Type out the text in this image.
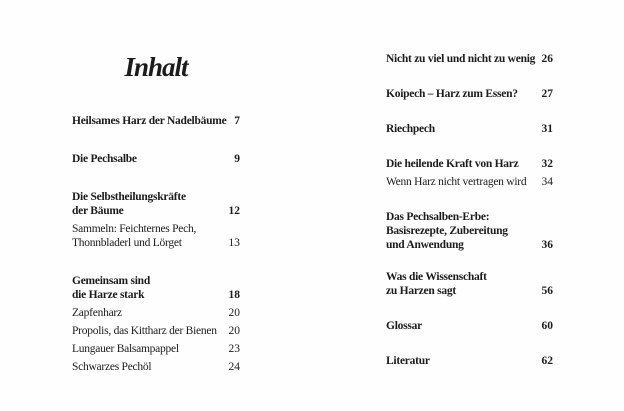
Inhalt
Heilsames Harz der Nadelbäume 7
Die Pechsalbe	9
Die Selbstheilungskräfte
der Bäume	12
Sammeln: Feichternes Pech,
Thonnbladerl und Lörget	13
Gemeinsam sind
die Harze stark	18
Zapfenharz	20
Propolis, das Kittharz der Bienen 20
Lungauer Balsampappel	23
Schwarzes Pechöl	24
Nicht zu viel und nicht zu wenig 26
Koipech – Harz zum Essen?	27
Riechpech	31
Die heilende Kraft von Harz	32
Wenn Harz nicht vertragen wird 34
Das Pechsalben-Erbe:
Basisrezepte, Zubereitung
und Anwendung	36
Was die Wissenschaft
zu Harzen sagt	56
Glossar	60
Literatur	62
